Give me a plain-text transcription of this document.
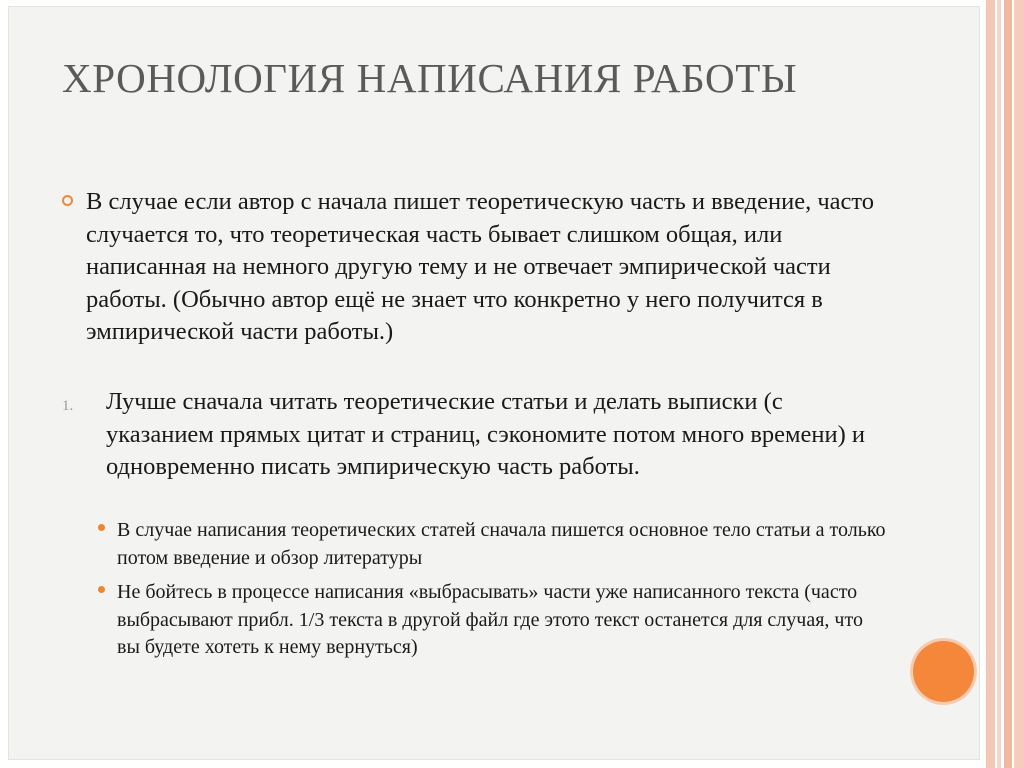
ХРОНОЛОГИЯ НАПИСАНИЯ РАБОТЫ
В случае если автор с начала пишет теоретическую часть и введение, часто случается то, что теоретическая часть бывает слишком общая, или написанная на немного другую тему и не отвечает эмпирической части работы. (Обычно автор ещё не знает что конкретно у него получится в эмпирической части работы.)
1. Лучше сначала читать теоретические статьи и делать выписки (с указанием прямых цитат и страниц, сэкономите потом много времени) и одновременно писать эмпирическую часть работы.
В случае написания теоретических статей сначала пишется основное тело статьи а только потом введение и обзор литературы
Не бойтесь в процессе написания «выбрасывать» части уже написанного текста (часто выбрасывают прибл. 1/3 текста в другой файл где этото текст останется для случая, что вы будете хотеть к нему вернуться)
